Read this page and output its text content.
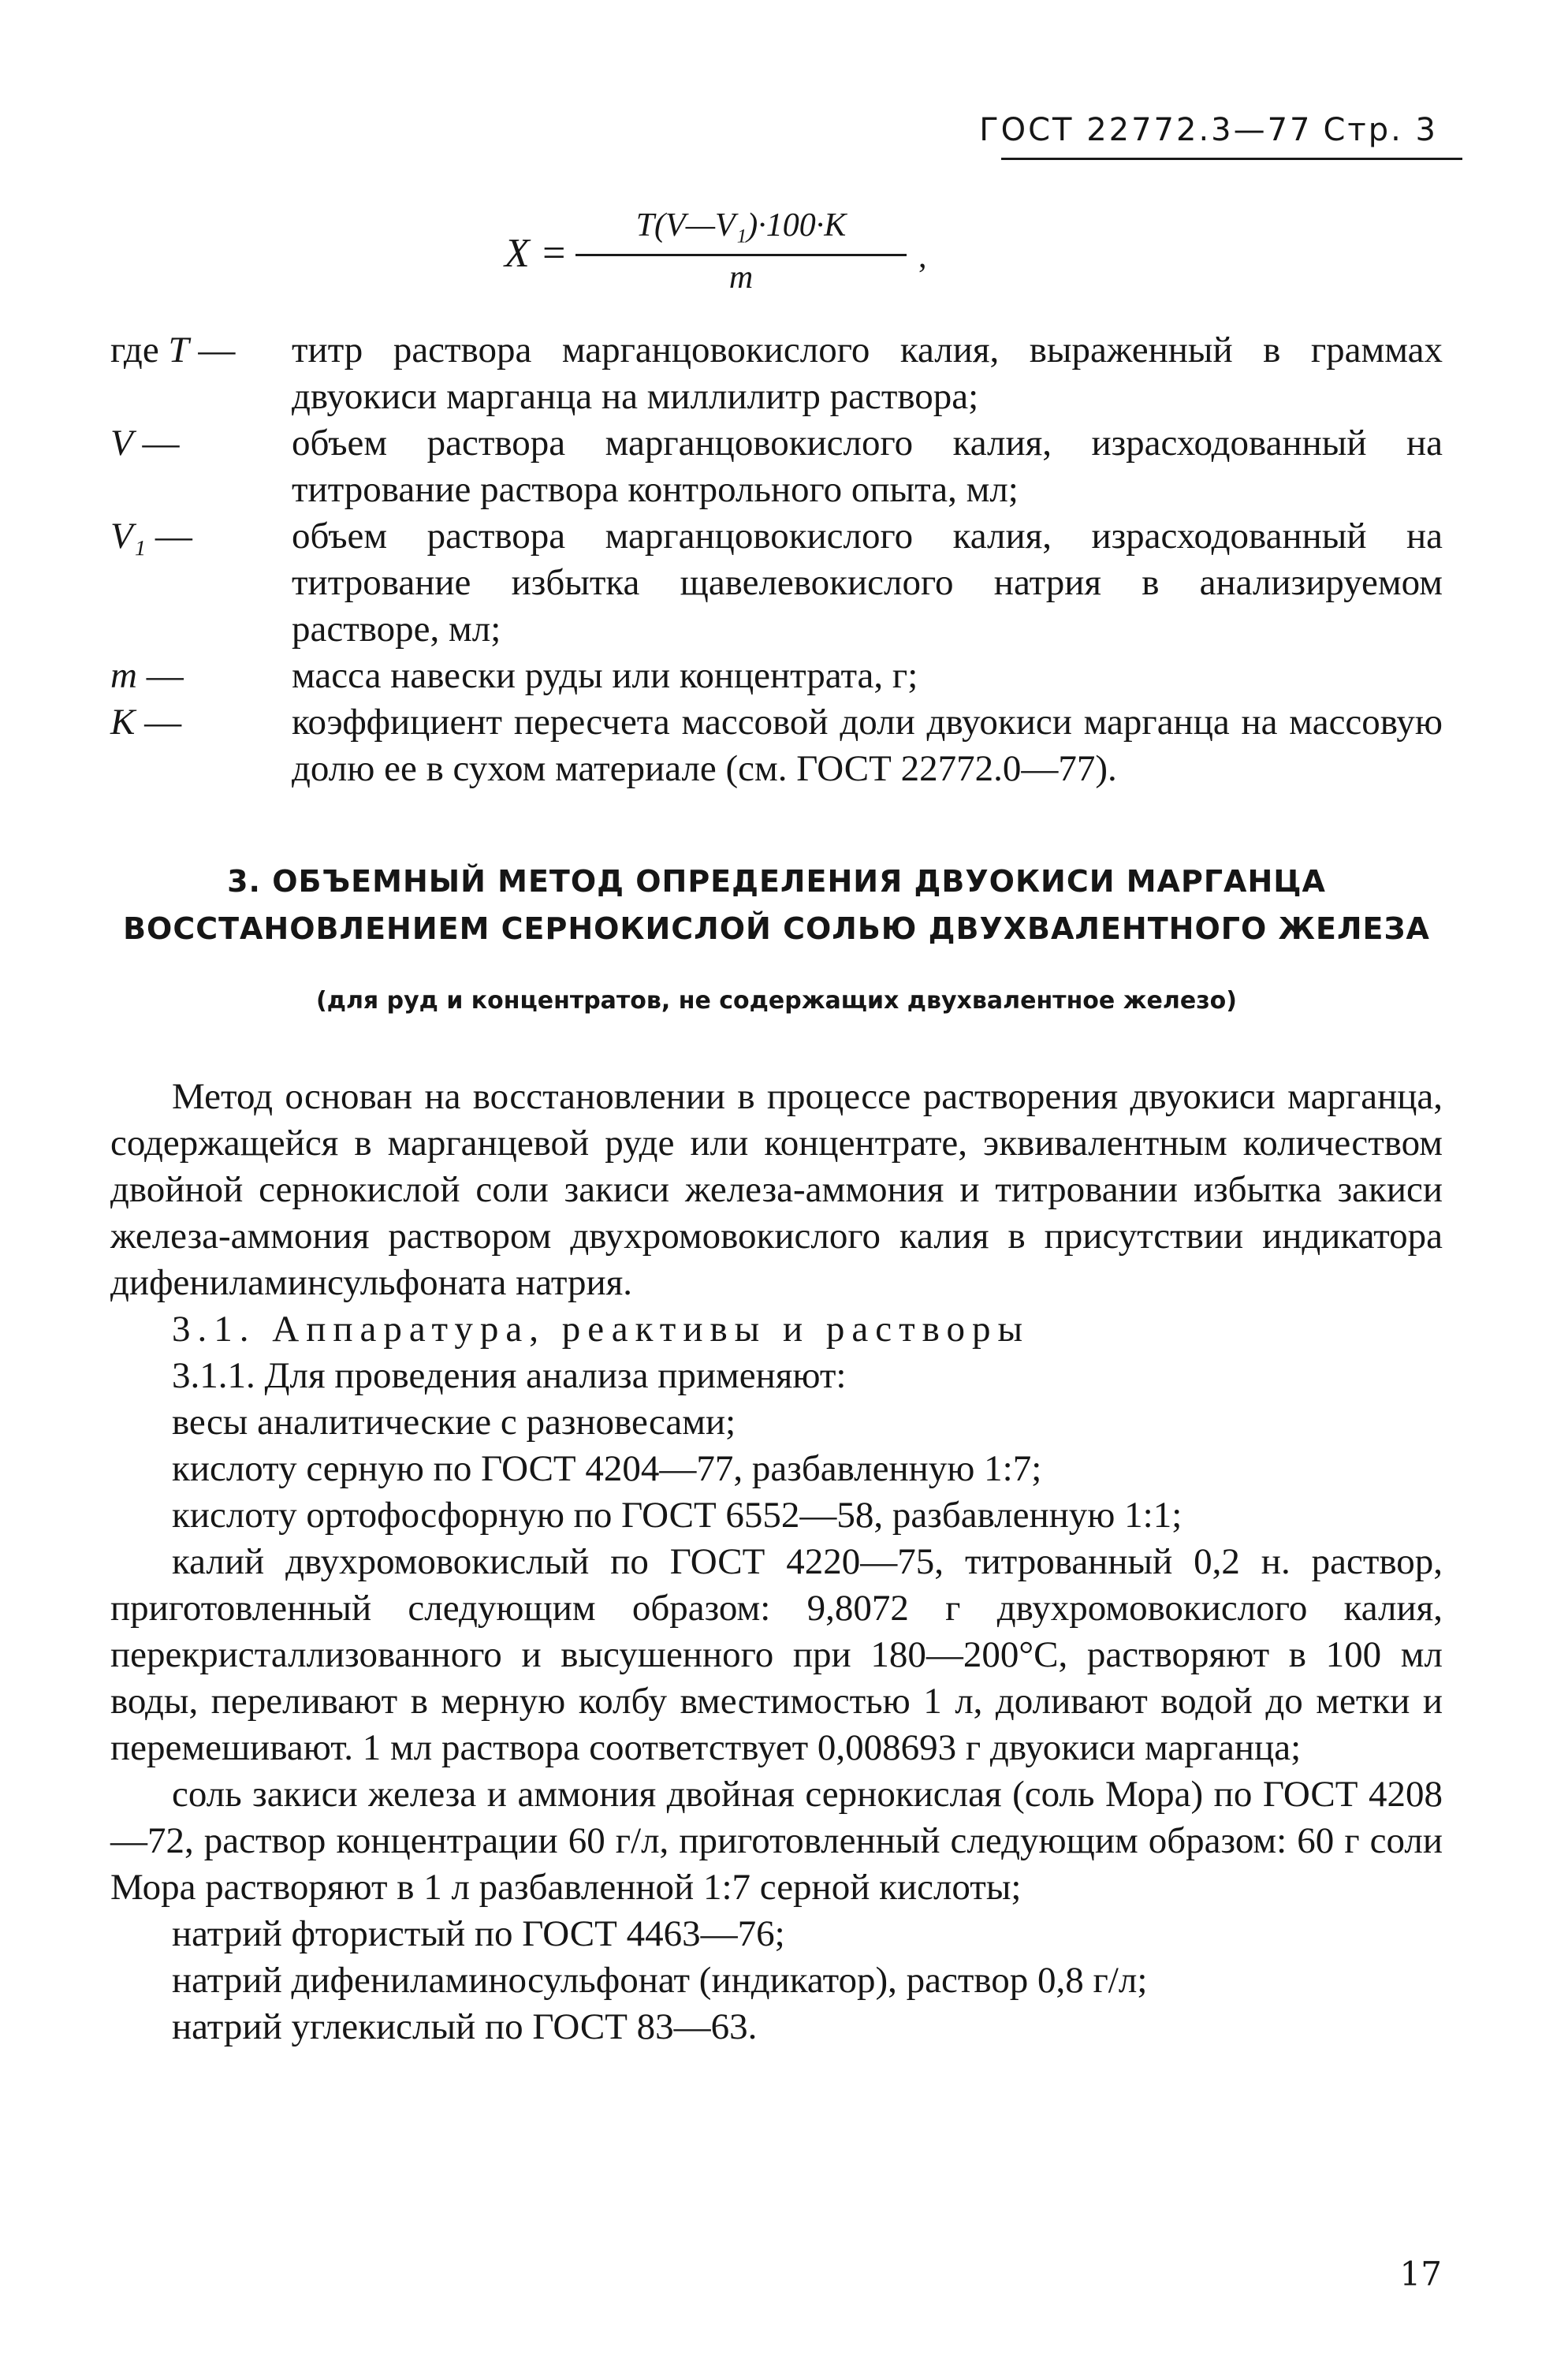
ГОСТ 22772.3—77 Стр. 3
X =
T(V—V₁)·100·K
m
,
где T —	титр раствора марганцовокислого калия, выраженный в граммах двуокиси марганца на миллилитр раствора;
V —	объем раствора марганцовокислого калия, израсходованный на титрование раствора контрольного опыта, мл;
V₁ —	объем раствора марганцовокислого калия, израсходованный на титрование избытка щавелевокислого натрия в анализируемом растворе, мл;
m —	масса навески руды или концентрата, г;
K —	коэффициент пересчета массовой доли двуокиси марганца на массовую долю ее в сухом материале (см. ГОСТ 22772.0—77).
3. ОБЪЕМНЫЙ МЕТОД ОПРЕДЕЛЕНИЯ ДВУОКИСИ МАРГАНЦА
ВОССТАНОВЛЕНИЕМ СЕРНОКИСЛОЙ СОЛЬЮ ДВУХВАЛЕНТНОГО ЖЕЛЕЗА
(для руд и концентратов, не содержащих двухвалентное железо)

Метод основан на восстановлении в процессе растворения двуокиси марганца, содержащейся в марганцевой руде или концентрате, эквивалентным количеством двойной сернокислой соли закиси железа-аммония и титровании избытка закиси железа-аммония раствором двухромовокислого калия в присутствии индикатора дифениламинсульфоната натрия.

3.1. Аппаратура, реактивы и растворы

3.1.1. Для проведения анализа применяют:

весы аналитические с разновесами;

кислоту серную по ГОСТ 4204—77, разбавленную 1:7;

кислоту ортофосфорную по ГОСТ 6552—58, разбавленную 1:1;

калий двухромовокислый по ГОСТ 4220—75, титрованный 0,2 н. раствор, приготовленный следующим образом: 9,8072 г двухромовокислого калия, перекристаллизованного и высушенного при 180—200°С, растворяют в 100 мл воды, переливают в мерную колбу вместимостью 1 л, доливают водой до метки и перемешивают. 1 мл раствора соответствует 0,008693 г двуокиси марганца;

соль закиси железа и аммония двойная сернокислая (соль Мора) по ГОСТ 4208—72, раствор концентрации 60 г/л, приготовленный следующим образом: 60 г соли Мора растворяют в 1 л разбавленной 1:7 серной кислоты;

натрий фтористый по ГОСТ 4463—76;

натрий дифениламиносульфонат (индикатор), раствор 0,8 г/л;

натрий углекислый по ГОСТ 83—63.

17
